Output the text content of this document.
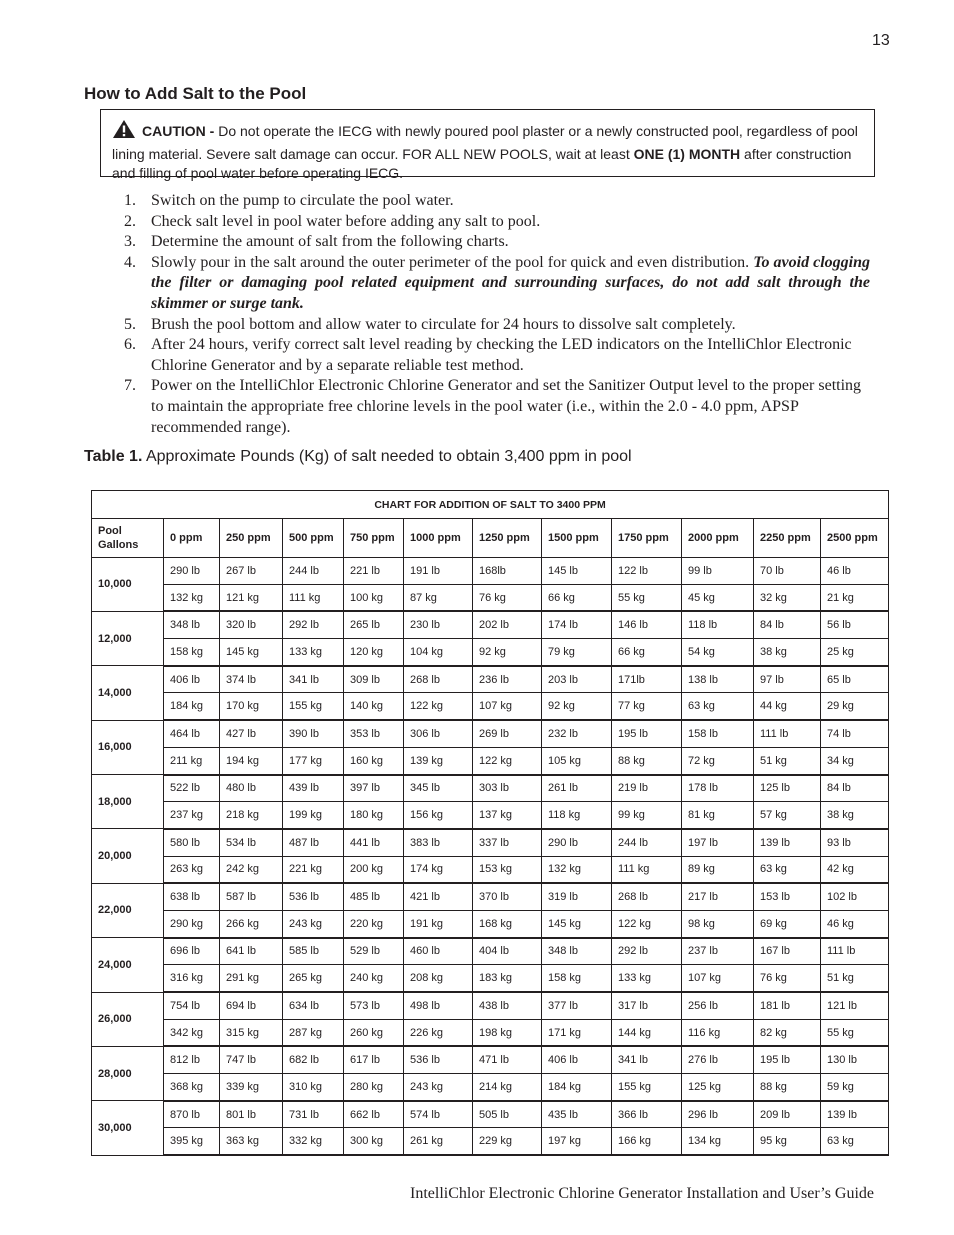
13
How to Add Salt to the Pool
CAUTION - Do not operate the IECG with newly poured pool plaster or a newly constructed pool, regardless of pool lining material. Severe salt damage can occur. FOR ALL NEW POOLS, wait at least ONE (1) MONTH after construction and filling of pool water before operating IECG.
1. Switch on the pump to circulate the pool water.
2. Check salt level in pool water before adding any salt to pool.
3. Determine the amount of salt from the following charts.
4. Slowly pour in the salt around the outer perimeter of the pool for quick and even distribution. To avoid clogging the filter or damaging pool related equipment and surrounding surfaces, do not add salt through the skimmer or surge tank.
5. Brush the pool bottom and allow water to circulate for 24 hours to dissolve salt completely.
6. After 24 hours, verify correct salt level reading by checking the LED indicators on the IntelliChlor Electronic Chlorine Generator and by a separate reliable test method.
7. Power on the IntelliChlor Electronic Chlorine Generator and set the Sanitizer Output level to the proper setting to maintain the appropriate free chlorine levels in the pool water (i.e., within the 2.0 - 4.0 ppm, APSP recommended range).

Table 1. Approximate Pounds (Kg) of salt needed to obtain 3,400 ppm in pool

CHART FOR ADDITION OF SALT TO 3400 PPM											
Pool
Gallons	0 ppm	250 ppm	500 ppm	750 ppm	1000 ppm	1250 ppm	1500 ppm	1750 ppm	2000 ppm	2250 ppm	2500 ppm
10,000	290 lb	267 lb	244 lb	221 lb	191 lb	168lb	145 lb	122 lb	99 lb	70 lb	46 lb
	132 kg	121 kg	111 kg	100 kg	87 kg	76 kg	66 kg	55 kg	45 kg	32 kg	21 kg
12,000	348 lb	320 lb	292 lb	265 lb	230 lb	202 lb	174 lb	146 lb	118 lb	84 lb	56 lb
	158 kg	145 kg	133 kg	120 kg	104 kg	92 kg	79 kg	66 kg	54 kg	38 kg	25 kg
14,000	406 lb	374 lb	341 lb	309 lb	268 lb	236 lb	203 lb	171lb	138 lb	97 lb	65 lb
	184 kg	170 kg	155 kg	140 kg	122 kg	107 kg	92 kg	77 kg	63 kg	44 kg	29 kg
16,000	464 lb	427 lb	390 lb	353 lb	306 lb	269 lb	232 lb	195 lb	158 lb	111 lb	74 lb
	211 kg	194 kg	177 kg	160 kg	139 kg	122 kg	105 kg	88 kg	72 kg	51 kg	34 kg
18,000	522 lb	480 lb	439 lb	397 lb	345 lb	303 lb	261 lb	219 lb	178 lb	125 lb	84 lb
	237 kg	218 kg	199 kg	180 kg	156 kg	137 kg	118 kg	99 kg	81 kg	57 kg	38 kg
20,000	580 lb	534 lb	487 lb	441 lb	383 lb	337 lb	290 lb	244 lb	197 lb	139 lb	93 lb
	263 kg	242 kg	221 kg	200 kg	174 kg	153 kg	132 kg	111 kg	89 kg	63 kg	42 kg
22,000	638 lb	587 lb	536 lb	485 lb	421 lb	370 lb	319 lb	268 lb	217 lb	153 lb	102 lb
	290 kg	266 kg	243 kg	220 kg	191 kg	168 kg	145 kg	122 kg	98 kg	69 kg	46 kg
24,000	696 lb	641 lb	585 lb	529 lb	460 lb	404 lb	348 lb	292 lb	237 lb	167 lb	111 lb
	316 kg	291 kg	265 kg	240 kg	208 kg	183 kg	158 kg	133 kg	107 kg	76 kg	51 kg
26,000	754 lb	694 lb	634 lb	573 lb	498 lb	438 lb	377 lb	317 lb	256 lb	181 lb	121 lb
	342 kg	315 kg	287 kg	260 kg	226 kg	198 kg	171 kg	144 kg	116 kg	82 kg	55 kg
28,000	812 lb	747 lb	682 lb	617 lb	536 lb	471 lb	406 lb	341 lb	276 lb	195 lb	130 lb
	368 kg	339 kg	310 kg	280 kg	243 kg	214 kg	184 kg	155 kg	125 kg	88 kg	59 kg
30,000	870 lb	801 lb	731 lb	662 lb	574 lb	505 lb	435 lb	366 lb	296 lb	209 lb	139 lb
	395 kg	363 kg	332 kg	300 kg	261 kg	229 kg	197 kg	166 kg	134 kg	95 kg	63 kg
IntelliChlor Electronic Chlorine Generator Installation and User’s Guide
